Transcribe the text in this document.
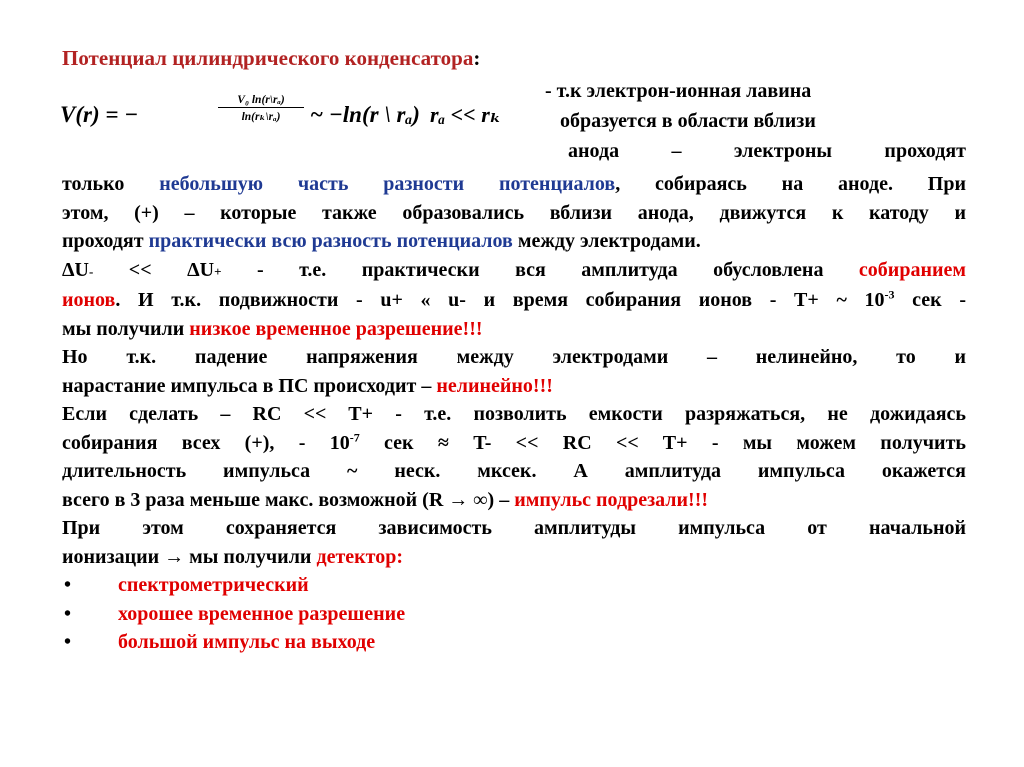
Потенциал цилиндрического конденсатора:
V(r) = −	$\frac{\text{V₀ ln(r\textbackslash{}rₐ)}}{\text{ln(rₖ\textbackslash{}rₐ)}}$ ~ −ln(r \ rₐ) rₐ << rₖ
- т.к электрон-ионная лавина
образуется в области вблизи
анода – электроны проходят
только небольшую часть разности потенциалов, собираясь на аноде. При
этом, (+) – которые также образовались вблизи анода, движутся к катоду и
проходят практически всю разность потенциалов между электродами.
ΔU- << ΔU+ - т.е. практически вся амплитуда обусловлена собиранием
ионов. И т.к. подвижности - u+ « u- и время собирания ионов - T+ ~ $10^{-3}$ сек -
мы получили низкое временное разрешение!!!
Но т.к. падение напряжения между электродами – нелинейно, то и
нарастание импульса в ПС происходит – нелинейно!!!
Если сделать – RC << T+ - т.е. позволить емкости разряжаться, не дожидаясь
собирания всех (+), - $10^{-7}$ сек ≈ T- << RC << T+ - мы можем получить
длительность импульса ~ неск. мксек. А амплитуда импульса окажется
всего в 3 раза меньше макс. возможной (R → ∞) – импульс подрезали!!!
При этом сохраняется зависимость амплитуды импульса от начальной
ионизации → мы получили детектор:
• спектрометрический
• хорошее временное разрешение
• большой импульс на выходе
